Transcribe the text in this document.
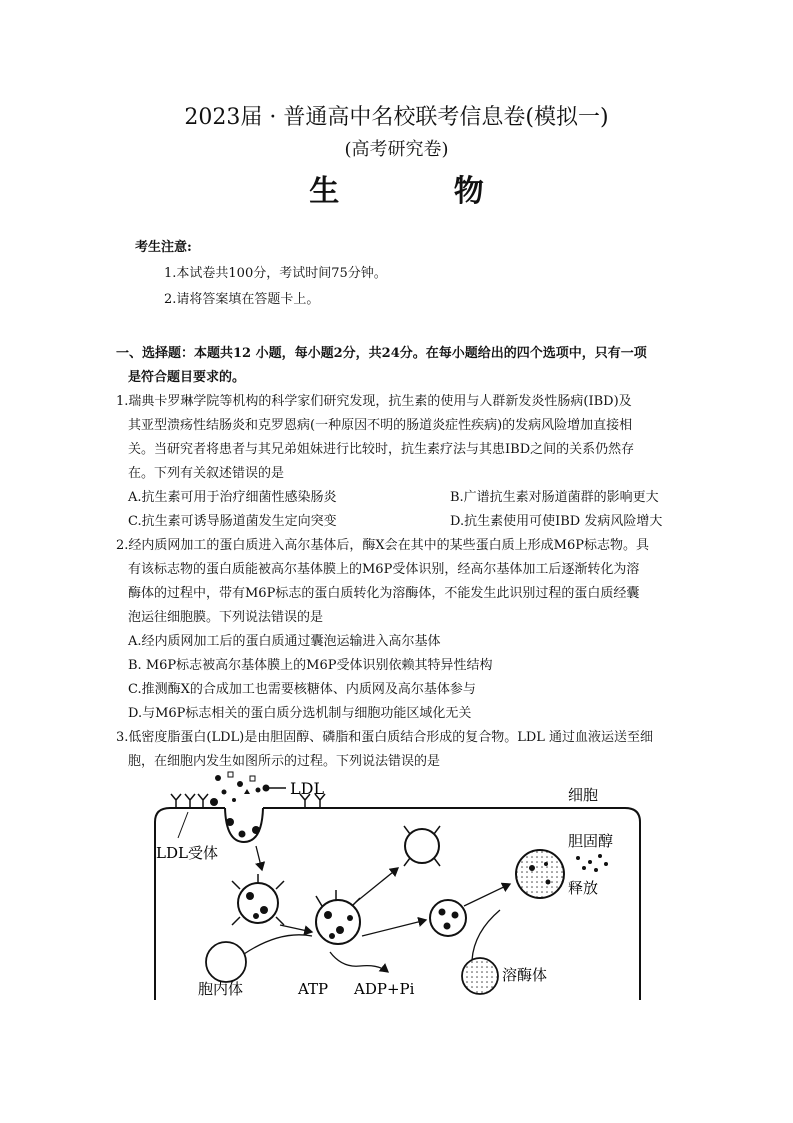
2023届 · 普通高中名校联考信息卷(模拟一)
(高考研究卷)
生 物
考生注意:
1.本试卷共100分，考试时间75分钟。
2.请将答案填在答题卡上。
一、选择题：本题共12 小题，每小题2分，共24分。在每小题给出的四个选项中，只有一项
是符合题目要求的。
1.瑞典卡罗琳学院等机构的科学家们研究发现，抗生素的使用与人群新发炎性肠病(IBD)及
其亚型溃疡性结肠炎和克罗恩病(一种原因不明的肠道炎症性疾病)的发病风险增加直接相
关。当研究者将患者与其兄弟姐妹进行比较时，抗生素疗法与其患IBD之间的关系仍然存
在。下列有关叙述错误的是
A.抗生素可用于治疗细菌性感染肠炎	B.广谱抗生素对肠道菌群的影响更大
C.抗生素可诱导肠道菌发生定向突变	D.抗生素使用可使IBD 发病风险增大
2.经内质网加工的蛋白质进入高尔基体后，酶X会在其中的某些蛋白质上形成M6P标志物。具
有该标志物的蛋白质能被高尔基体膜上的M6P受体识别，经高尔基体加工后逐渐转化为溶
酶体的过程中，带有M6P标志的蛋白质转化为溶酶体，不能发生此识别过程的蛋白质经囊
泡运往细胞膜。下列说法错误的是
A.经内质网加工后的蛋白质通过囊泡运输进入高尔基体
B. M6P标志被高尔基体膜上的M6P受体识别依赖其特异性结构
C.推测酶X的合成加工也需要核糖体、内质网及高尔基体参与
D.与M6P标志相关的蛋白质分选机制与细胞功能区域化无关
3.低密度脂蛋白(LDL)是由胆固醇、磷脂和蛋白质结合形成的复合物。LDL 通过血液运送至细
胞，在细胞内发生如图所示的过程。下列说法错误的是
LDL	细胞
LDL受体
胆固醇
释放
胞内体	ATP ADP+Pi
溶酶体
